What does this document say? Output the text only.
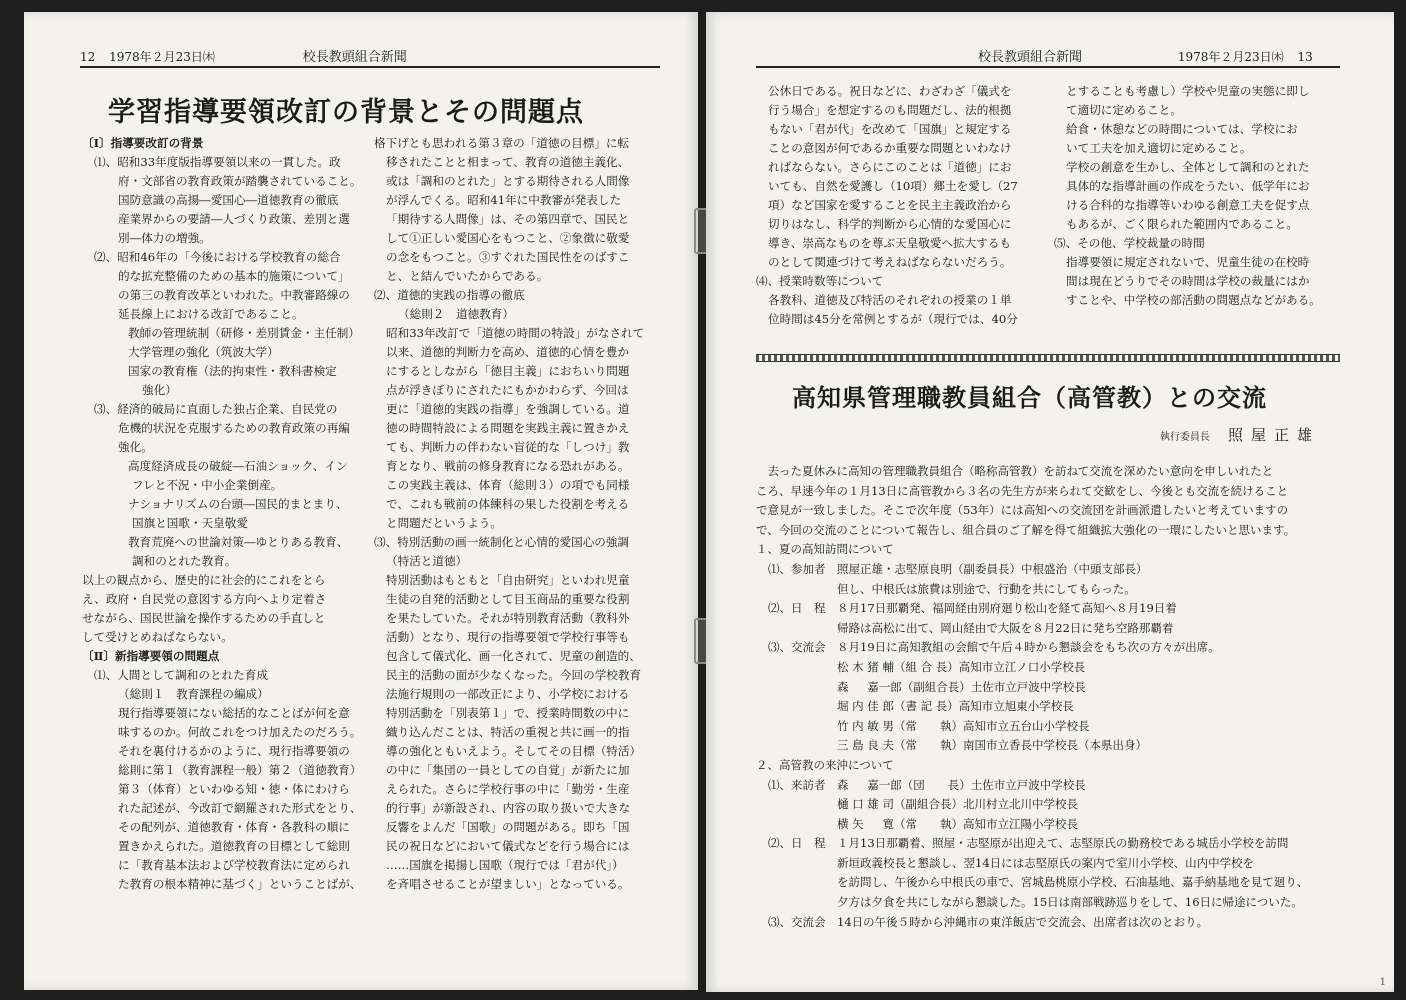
12 1978年２月23日㈭	校長教頭組合新聞
学習指導要領改訂の背景とその問題点

〔Ⅰ〕指導要改訂の背景

⑴、昭和33年度版指導要領以来の一貫した。政

府・文部省の教育政策が踏襲されていること。

国防意識の高揚―愛国心―道徳教育の徹底

産業界からの要請―人づくり政策、差別と選

別―体力の増強。

⑵、昭和46年の「今後における学校教育の総合

的な拡充整備のための基本的施策について」

の第三の教育改革といわれた。中教審路線の

延長線上における改訂であること。

教師の管理統制（研修・差別賃金・主任制）

大学管理の強化（筑波大学）

国家の教育権（法的拘束性・教科書検定

強化）

⑶、経済的破局に直面した独占企業、自民党の

危機的状況を克服するための教育政策の再編

強化。

高度経済成長の破綻―石油ショック、イン

フレと不況・中小企業倒産。

ナショナリズムの台頭―国民的まとまり、

国旗と国歌・天皇敬愛

教育荒廃への世論対策―ゆとりある教育、

調和のとれた教育。

以上の観点から、歴史的に社会的にこれをとら

え、政府・自民党の意図する方向へより定着さ

せながら、国民世論を操作するための手直しと

して受けとめねばならない。

〔Ⅱ〕新指導要領の問題点

⑴、人間として調和のとれた育成

（総則１　教育課程の編成）

現行指導要領にない総括的なことばが何を意

味するのか。何故これをつけ加えたのだろう。

それを裏付けるかのように、現行指導要領の

総則に第１（教育課程一般）第２（道徳教育）

第３（体育）といわゆる知・徳・体にわけら

れた記述が、今改訂で網羅された形式をとり、

その配列が、道徳教育・体育・各教科の順に

置きかえられた。道徳教育の目標として総則

に「教育基本法および学校教育法に定められ

た教育の根本精神に基づく」ということばが、

格下げとも思われる第３章の「道徳の目標」に転

移されたことと相まって、教育の道徳主義化、

或は「調和のとれた」とする期待される人間像

が浮んでくる。昭和41年に中教審が発表した

「期待する人間像」は、その第四章で、国民と

して①正しい愛国心をもつこと、②象徴に敬愛

の念をもつこと。③すぐれた国民性をのばすこ

と、と結んでいたからである。

⑵、道徳的実践の指導の徹底

（総則２　道徳教育）

昭和33年改訂で「道徳の時間の特設」がなされて

以来、道徳的判断力を高め、道徳的心情を豊か

にするとしながら「徳目主義」におちいり問題

点が浮きぼりにされたにもかかわらず、今回は

更に「道徳的実践の指導」を強調している。道

徳の時間特設による問題を実践主義に置きかえ

ても、判断力の伴わない盲従的な「しつけ」教

育となり、戦前の修身教育になる恐れがある。

この実践主義は、体育（総則３）の項でも同様

で、これも戦前の体練科の果した役割を考える

と問題だというよう。

⑶、特別活動の画一統制化と心情的愛国心の強調

（特活と道徳）

特別活動はもともと「自由研究」といわれ児童

生徒の自発的活動として目玉商品的重要な役割

を果たしていた。それが特別教育活動（教科外

活動）となり、現行の指導要領で学校行事等も

包含して儀式化、画一化されて、児童の創造的、

民主的活動の面が少なくなった。今回の学校教育

法施行規則の一部改正により、小学校における

特別活動を「別表第１」で、授業時間数の中に

織り込んだことは、特活の重視と共に画一的指

導の強化ともいえよう。そしてその目標（特活）

の中に「集団の一員としての自覚」が新たに加

えられた。さらに学校行事の中に「勤労・生産

的行事」が新設され、内容の取り扱いで大きな

反響をよんだ「国歌」の問題がある。即ち「国

民の祝日などにおいて儀式などを行う場合には

……国旗を掲揚し国歌（現行では「君が代」）

を斉唱させることが望ましい」となっている。

校長教頭組合新聞	1978年２月23日㈭ 13

公休日である。祝日などに、わざわざ「儀式を

行う場合」を想定するのも問題だし、法的根拠

もない「君が代」を改めて「国旗」と規定する

ことの意図が何であるか重要な問題といわなけ

ればならない。さらにこのことは「道徳」にお

いても、自然を愛護し（10項）郷土を愛し（27

項）など国家を愛することを民主主義政治から

切りはなし、科学的判断から心情的な愛国心に

導き、崇高なものを尊ぶ天皇敬愛へ拡大するも

のとして関連づけて考えねばならないだろう。

⑷、授業時数等について

各教科、道徳及び特活のそれぞれの授業の１単

位時間は45分を常例とするが（現行では、40分

とすることも考慮し）学校や児童の実態に即し

て適切に定めること。

給食・休憩などの時間については、学校にお

いて工夫を加え適切に定めること。

学校の創意を生かし、全体として調和のとれた

具体的な指導計画の作成をうたい、低学年にお

ける合科的な指導等いわゆる創意工夫を促す点

もあるが、ごく限られた範囲内であること。

⑸、その他、学校裁量の時間

指導要領に規定されないで、児童生徒の在校時

間は現在どうりでその時間は学校の裁量にはか

すことや、中学校の部活動の問題点などがある。

高知県管理職教員組合（高管教）との交流
執行委員長 照屋正雄

　去った夏休みに高知の管理職教員組合（略称高管教）を訪ねて交流を深めたい意向を申しいれたと

ころ、早速今年の１月13日に高管教から３名の先生方が来られて交歓をし、今後とも交流を続けること

で意見が一致しました。そこで次年度（53年）には高知への交流団を計画派遣したいと考えていますの

で、今回の交流のことについて報告し、組合員のご了解を得て組織拡大強化の一環にしたいと思います。

１、夏の高知訪問について

⑴、参加者　照屋正雄・志堅原良明（副委員長）中根盛治（中頭支部長）

　　　　　　但し、中根氏は旅費は別途で、行動を共にしてもらった。

⑵、日　程　８月17日那覇発、福岡経由別府廻り松山を経て高知へ８月19日着

　　　　　　帰路は高松に出て、岡山経由で大阪を８月22日に発ち空路那覇着

⑶、交流会　８月19日に高知教組の会館で午后４時から懇談会をもち次の方々が出席。

　　　　　　松 木 猪 輔（組 合 長）高知市立江ノ口小学校長

　　　　　　森 　 嘉一郎（副組合長）土佐市立戸波中学校長

　　　　　　堀 内 佳 郎（書 記 長）高知市立旭東小学校長

　　　　　　竹 内 敏 男（常　　執）高知市立五台山小学校長

　　　　　　三 島 良 夫（常　　執）南国市立香長中学校長（本県出身）

２、高管教の来沖について

⑴、来訪者　森 　 嘉一郎（団　　長）土佐市立戸波中学校長

　　　　　　樋 口 雄 司（副組合長）北川村立北川中学校長

　　　　　　横 矢 　 寛（常　　執）高知市立江陽小学校長

⑵、日　程　１月13日那覇着、照屋・志堅原が出迎えて、志堅原氏の勤務校である城岳小学校を訪問

　　　　　　新垣政義校長と懇談し、翌14日には志堅原氏の案内で室川小学校、山内中学校を

　　　　　　を訪問し、午後から中根氏の車で、宮城島桃原小学校、石油基地、嘉手納基地を見て廻り、

　　　　　　夕方は夕食を共にしながら懇談した。15日は南部戦跡巡りをして、16日に帰途についた。

⑶、交流会　14日の午後５時から沖縄市の東洋飯店で交流会、出席者は次のとおり。

1
